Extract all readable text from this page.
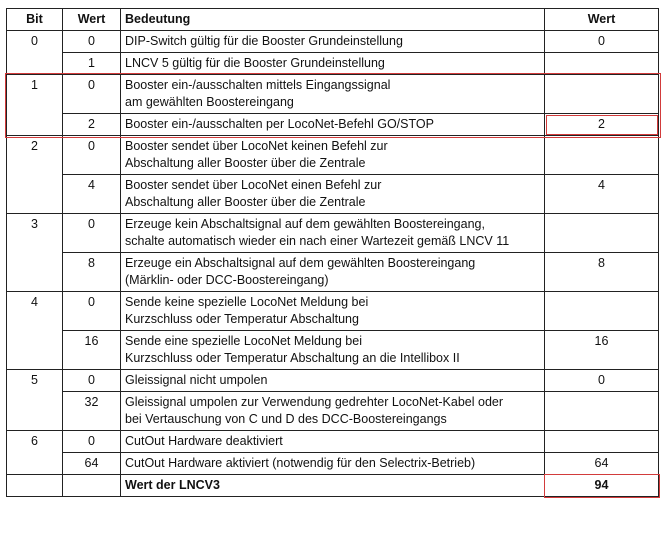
Bit	Wert	Bedeutung	Wert
0	0	DIP-Switch gültig für die Booster Grundeinstellung	0
	1	LNCV 5 gültig für die Booster Grundeinstellung	

1	0	Booster ein-/ausschalten mittels Eingangssignal
am gewählten Boostereingang	

	2	Booster ein-/ausschalten per LocoNet-Befehl GO/STOP	2
2	0	Booster sendet über LocoNet keinen Befehl zur
Abschaltung aller Booster über die Zentrale	

	4	Booster sendet über LocoNet einen Befehl zur
Abschaltung aller Booster über die Zentrale	4
3	0	Erzeuge kein Abschaltsignal auf dem gewählten Boostereingang,
schalte automatisch wieder ein nach einer Wartezeit gemäß LNCV 11	

	8	Erzeuge ein Abschaltsignal auf dem gewählten Boostereingang
(Märklin- oder DCC-Boostereingang)	8
4	0	Sende keine spezielle LocoNet Meldung bei
Kurzschluss oder Temperatur Abschaltung	

	16	Sende eine spezielle LocoNet Meldung bei
Kurzschluss oder Temperatur Abschaltung an die Intellibox II	16
5	0	Gleissignal nicht umpolen	0
	32	Gleissignal umpolen zur Verwendung gedrehter LocoNet-Kabel oder
bei Vertauschung von C und D des DCC-Boostereingangs	

6	0	CutOut Hardware deaktiviert	

	64	CutOut Hardware aktiviert (notwendig für den Selectrix-Betrieb)	64
		Wert der LNCV3	94
